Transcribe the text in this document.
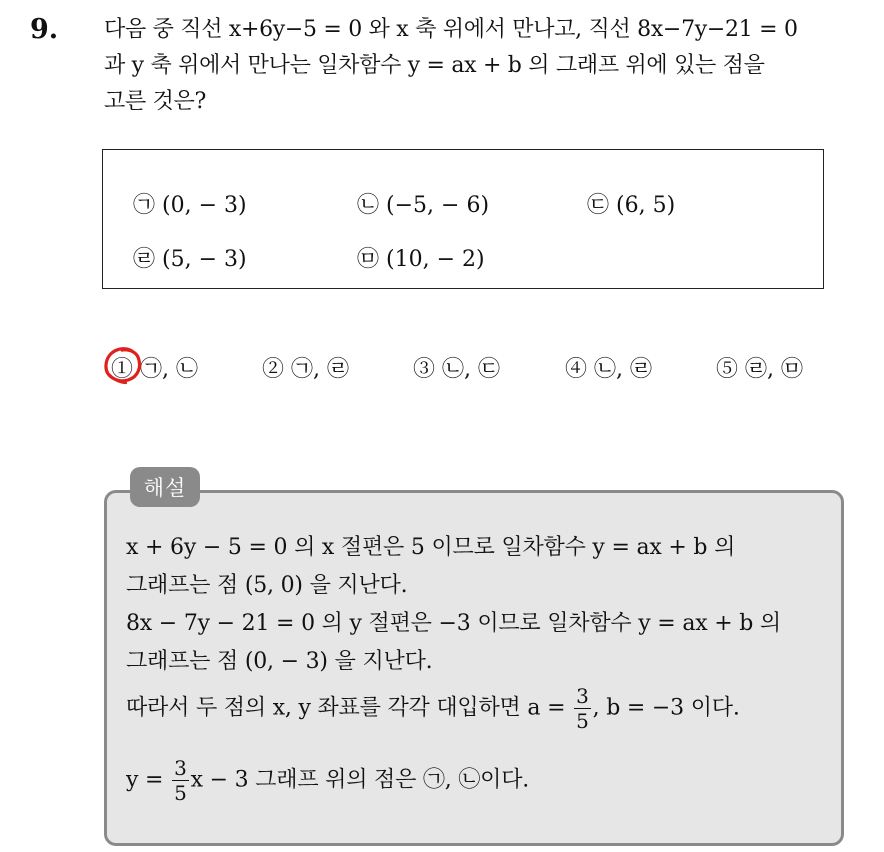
9. 다음 중 직선 x+6y−5 = 0 와 x 축 위에서 만나고, 직선 8x−7y−21 = 0
과 y 축 위에서 만나는 일차함수 y = ax + b 의 그래프 위에 있는 점을
고른 것은?
㉠ (0, − 3)	㉡ (−5, − 6)	㉢ (6, 5)
㉣ (5, − 3)	㉤ (10, − 2)
① ㉠, ㉡	② ㉠, ㉣	③ ㉡, ㉢	④ ㉡, ㉣	⑤ ㉣, ㉤
해설
x + 6y − 5 = 0 의 x 절편은 5 이므로 일차함수 y = ax + b 의
그래프는 점 (5, 0) 을 지난다.
8x − 7y − 21 = 0 의 y 절편은 −3 이므로 일차함수 y = ax + b 의
그래프는 점 (0, − 3) 을 지난다.
따라서 두 점의 x, y 좌표를 각각 대입하면 $a = \frac{3}{5}$ , b = −3 이다.
$y = \frac{3}{5}$ x − 3 그래프 위의 점은 ㉠, ㉡이다.
